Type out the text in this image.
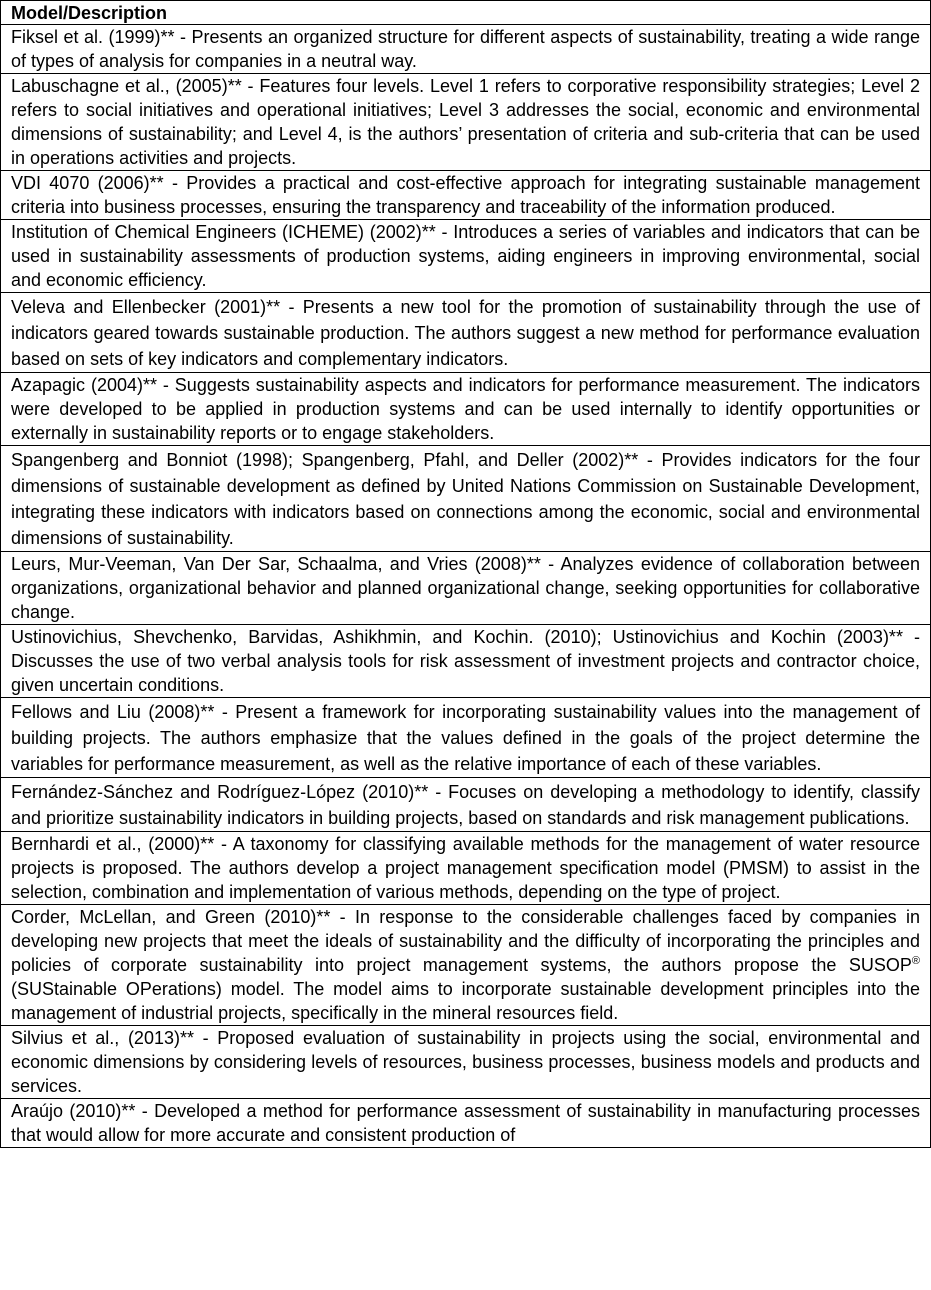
Model/Description
Fiksel et al. (1999)** - Presents an organized structure for different aspects of sustainability, treating a wide range of types of analysis for companies in a neutral way.
Labuschagne et al., (2005)** - Features four levels. Level 1 refers to corporative responsibility strategies; Level 2 refers to social initiatives and operational initiatives; Level 3 addresses the social, economic and environmental dimensions of sustainability; and Level 4, is the authors’ presentation of criteria and sub-criteria that can be used in operations activities and projects.
VDI 4070 (2006)** - Provides a practical and cost-effective approach for integrating sustainable management criteria into business processes, ensuring the transparency and traceability of the information produced.
Institution of Chemical Engineers (ICHEME) (2002)** - Introduces a series of variables and indicators that can be used in sustainability assessments of production systems, aiding engineers in improving environmental, social and economic efficiency.
Veleva and Ellenbecker (2001)** - Presents a new tool for the promotion of sustainability through the use of indicators geared towards sustainable production. The authors suggest a new method for performance evaluation based on sets of key indicators and complementary indicators.
Azapagic (2004)** - Suggests sustainability aspects and indicators for performance measurement. The indicators were developed to be applied in production systems and can be used internally to identify opportunities or externally in sustainability reports or to engage stakeholders.
Spangenberg and Bonniot (1998); Spangenberg, Pfahl, and Deller (2002)** - Provides indicators for the four dimensions of sustainable development as defined by United Nations Commission on Sustainable Development, integrating these indicators with indicators based on connections among the economic, social and environmental dimensions of sustainability.
Leurs, Mur-Veeman, Van Der Sar, Schaalma, and Vries (2008)** - Analyzes evidence of collaboration between organizations, organizational behavior and planned organizational change, seeking opportunities for collaborative change.
Ustinovichius, Shevchenko, Barvidas, Ashikhmin, and Kochin. (2010); Ustinovichius and Kochin (2003)** - Discusses the use of two verbal analysis tools for risk assessment of investment projects and contractor choice, given uncertain conditions.
Fellows and Liu (2008)** - Present a framework for incorporating sustainability values into the management of building projects. The authors emphasize that the values defined in the goals of the project determine the variables for performance measurement, as well as the relative importance of each of these variables.
Fernández-Sánchez and Rodríguez-López (2010)** - Focuses on developing a methodology to identify, classify and prioritize sustainability indicators in building projects, based on standards and risk management publications.
Bernhardi et al., (2000)** - A taxonomy for classifying available methods for the management of water resource projects is proposed. The authors develop a project management specification model (PMSM) to assist in the selection, combination and implementation of various methods, depending on the type of project.
Corder, McLellan, and Green (2010)** - In response to the considerable challenges faced by companies in developing new projects that meet the ideals of sustainability and the difficulty of incorporating the principles and policies of corporate sustainability into project management systems, the authors propose the SUSOP® (SUStainable OPerations) model. The model aims to incorporate sustainable development principles into the management of industrial projects, specifically in the mineral resources field.
Silvius et al., (2013)** - Proposed evaluation of sustainability in projects using the social, environmental and economic dimensions by considering levels of resources, business processes, business models and products and services.
Araújo (2010)** - Developed a method for performance assessment of sustainability in manufacturing processes that would allow for more accurate and consistent production of
